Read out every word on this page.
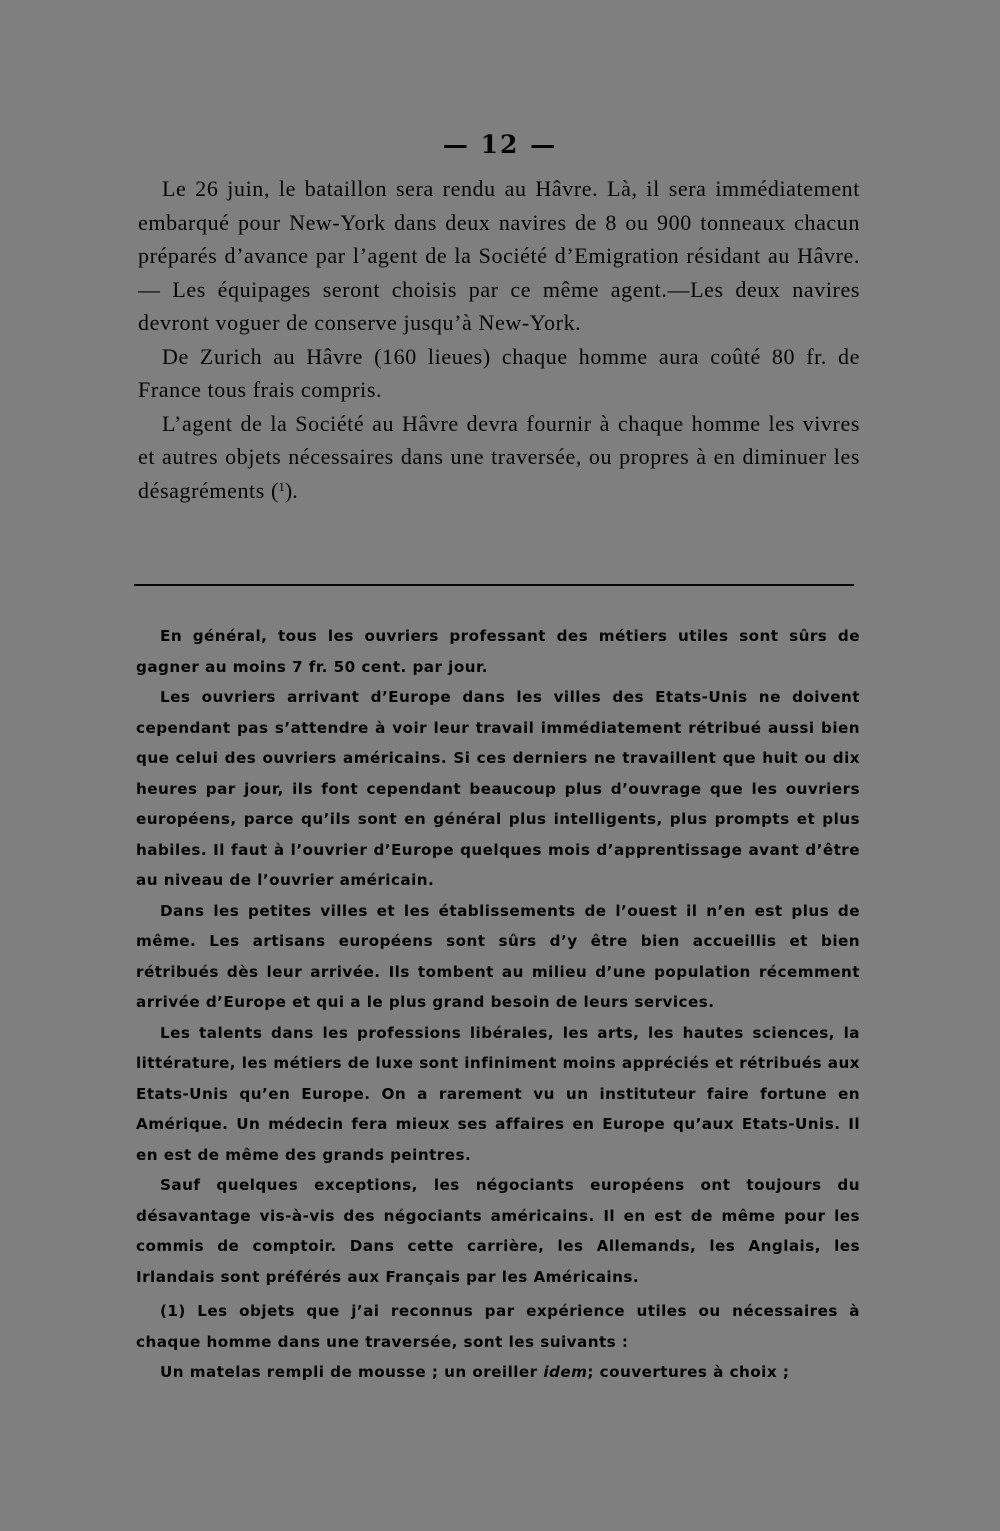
— 12 —

Le 26 juin, le bataillon sera rendu au Hâvre. Là, il sera immédiatement embarqué pour New-York dans deux navires de 8 ou 900 tonneaux chacun préparés d’avance par l’agent de la Société d’Emigration résidant au Hâvre. — Les équipages seront choisis par ce même agent.—Les deux navires devront voguer de conserve jusqu’à New-York.

De Zurich au Hâvre (160 lieues) chaque homme aura coûté 80 fr. de France tous frais compris.

L’agent de la Société au Hâvre devra fournir à chaque homme les vivres et autres objets nécessaires dans une traversée, ou propres à en diminuer les désagréments ($^1$).

En général, tous les ouvriers professant des métiers utiles sont sûrs de gagner au moins 7 fr. 50 cent. par jour.

Les ouvriers arrivant d’Europe dans les villes des Etats-Unis ne doivent cependant pas s’attendre à voir leur travail immédiatement rétribué aussi bien que celui des ouvriers américains. Si ces derniers ne travaillent que huit ou dix heures par jour, ils font cependant beaucoup plus d’ouvrage que les ouvriers européens, parce qu’ils sont en général plus intelligents, plus prompts et plus habiles. Il faut à l’ouvrier d’Europe quelques mois d’apprentissage avant d’être au niveau de l’ouvrier américain.

Dans les petites villes et les établissements de l’ouest il n’en est plus de même. Les artisans européens sont sûrs d’y être bien accueillis et bien rétribués dès leur arrivée. Ils tombent au milieu d’une population récemment arrivée d’Europe et qui a le plus grand besoin de leurs services.

Les talents dans les professions libérales, les arts, les hautes sciences, la littérature, les métiers de luxe sont infiniment moins appréciés et rétribués aux Etats-Unis qu’en Europe. On a rarement vu un instituteur faire fortune en Amérique. Un médecin fera mieux ses affaires en Europe qu’aux Etats-Unis. Il en est de même des grands peintres.

Sauf quelques exceptions, les négociants européens ont toujours du désavantage vis-à-vis des négociants américains. Il en est de même pour les commis de comptoir. Dans cette carrière, les Allemands, les Anglais, les Irlandais sont préférés aux Français par les Américains.

(1) Les objets que j’ai reconnus par expérience utiles ou nécessaires à chaque homme dans une traversée, sont les suivants :

Un matelas rempli de mousse ; un oreiller idem; couvertures à choix ;
